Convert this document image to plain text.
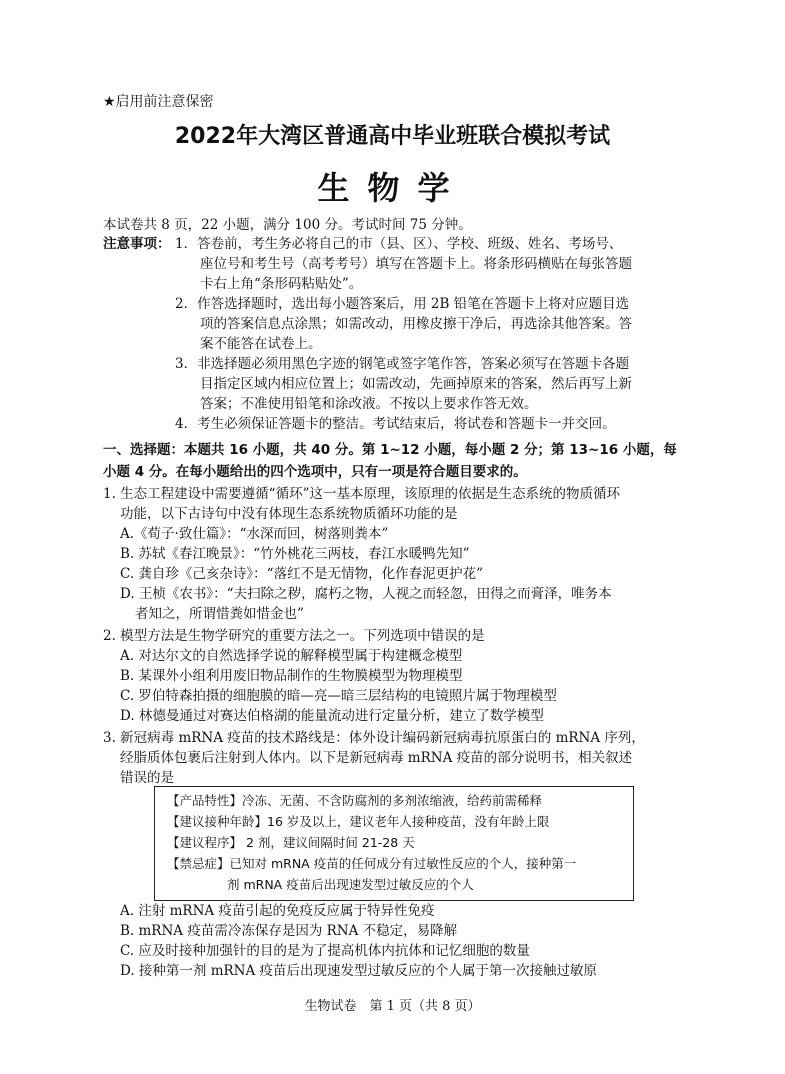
★启用前注意保密
2022年大湾区普通高中毕业班联合模拟考试
生物学
本试卷共 8 页，22 小题，满分 100 分。考试时间 75 分钟。
注意事项： 1．答卷前，考生务必将自己的市（县、区）、学校、班级、姓名、考场号、
座位号和考生号（高考考号）填写在答题卡上。将条形码横贴在每张答题
卡右上角“条形码粘贴处”。
2．作答选择题时，选出每小题答案后，用 2B 铅笔在答题卡上将对应题目选
项的答案信息点涂黑；如需改动，用橡皮擦干净后，再选涂其他答案。答
案不能答在试卷上。
3．非选择题必须用黑色字迹的钢笔或签字笔作答，答案必须写在答题卡各题
目指定区域内相应位置上；如需改动，先画掉原来的答案，然后再写上新
答案；不准使用铅笔和涂改液。不按以上要求作答无效。
4．考生必须保证答题卡的整洁。考试结束后，将试卷和答题卡一并交回。
一、选择题：本题共 16 小题，共 40 分。第 1~12 小题，每小题 2 分；第 13~16 小题，每
小题 4 分。在每小题给出的四个选项中，只有一项是符合题目要求的。
1. 生态工程建设中需要遵循“循环”这一基本原理，该原理的依据是生态系统的物质循环
功能，以下古诗句中没有体现生态系统物质循环功能的是
A.《荀子·致仕篇》：“水深而回，树落则粪本”
B. 苏轼《春江晚景》：“竹外桃花三两枝，春江水暖鸭先知”
C. 龚自珍《己亥杂诗》：“落红不是无情物，化作春泥更护花”
D. 王桢《农书》：“夫扫除之秽，腐朽之物，人视之而轻忽，田得之而膏泽，唯务本
者知之，所谓惜粪如惜金也”
2. 模型方法是生物学研究的重要方法之一。下列选项中错误的是
A. 对达尔文的自然选择学说的解释模型属于构建概念模型
B. 某课外小组利用废旧物品制作的生物膜模型为物理模型
C. 罗伯特森拍摄的细胞膜的暗—亮—暗三层结构的电镜照片属于物理模型
D. 林德曼通过对赛达伯格湖的能量流动进行定量分析，建立了数学模型
3. 新冠病毒 mRNA 疫苗的技术路线是：体外设计编码新冠病毒抗原蛋白的 mRNA 序列，
经脂质体包裹后注射到人体内。以下是新冠病毒 mRNA 疫苗的部分说明书，相关叙述
错误的是
【产品特性】冷冻、无菌、不含防腐剂的多剂浓缩液，给药前需稀释
【建议接种年龄】16 岁及以上，建议老年人接种疫苗，没有年龄上限
【建议程序】 2 剂，建议间隔时间 21-28 天
【禁忌症】已知对 mRNA 疫苗的任何成分有过敏性反应的个人，接种第一
剂 mRNA 疫苗后出现速发型过敏反应的个人
A. 注射 mRNA 疫苗引起的免疫反应属于特异性免疫
B. mRNA 疫苗需冷冻保存是因为 RNA 不稳定，易降解
C. 应及时接种加强针的目的是为了提高机体内抗体和记忆细胞的数量
D. 接种第一剂 mRNA 疫苗后出现速发型过敏反应的个人属于第一次接触过敏原
生物试卷　第 1 页（共 8 页）
